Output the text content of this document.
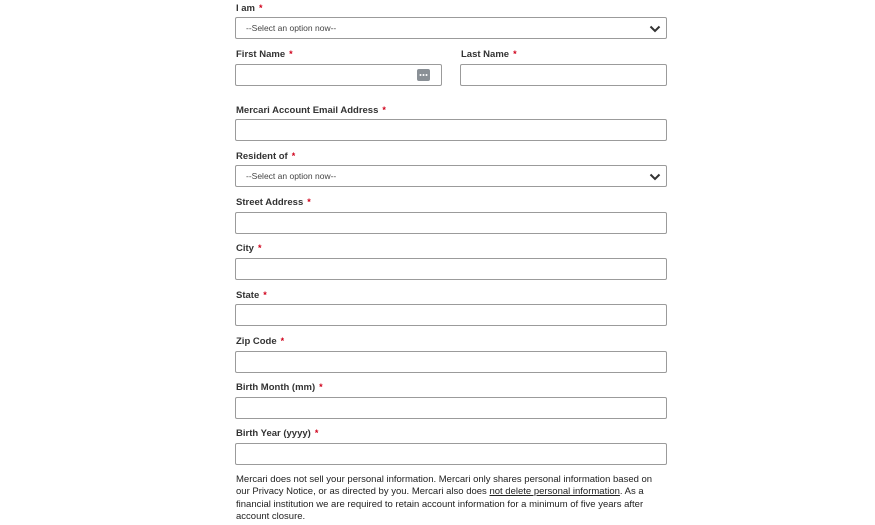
I am *
--Select an option now--
First Name *	Last Name *
Mercari Account Email Address *
Resident of *
--Select an option now--
Street Address *
City *
State *
Zip Code *
Birth Month (mm) *
Birth Year (yyyy) *
Mercari does not sell your personal information. Mercari only shares personal information based on our Privacy Notice, or as directed by you. Mercari also does not delete personal information. As a financial institution we are required to retain account information for a minimum of five years after account closure.
